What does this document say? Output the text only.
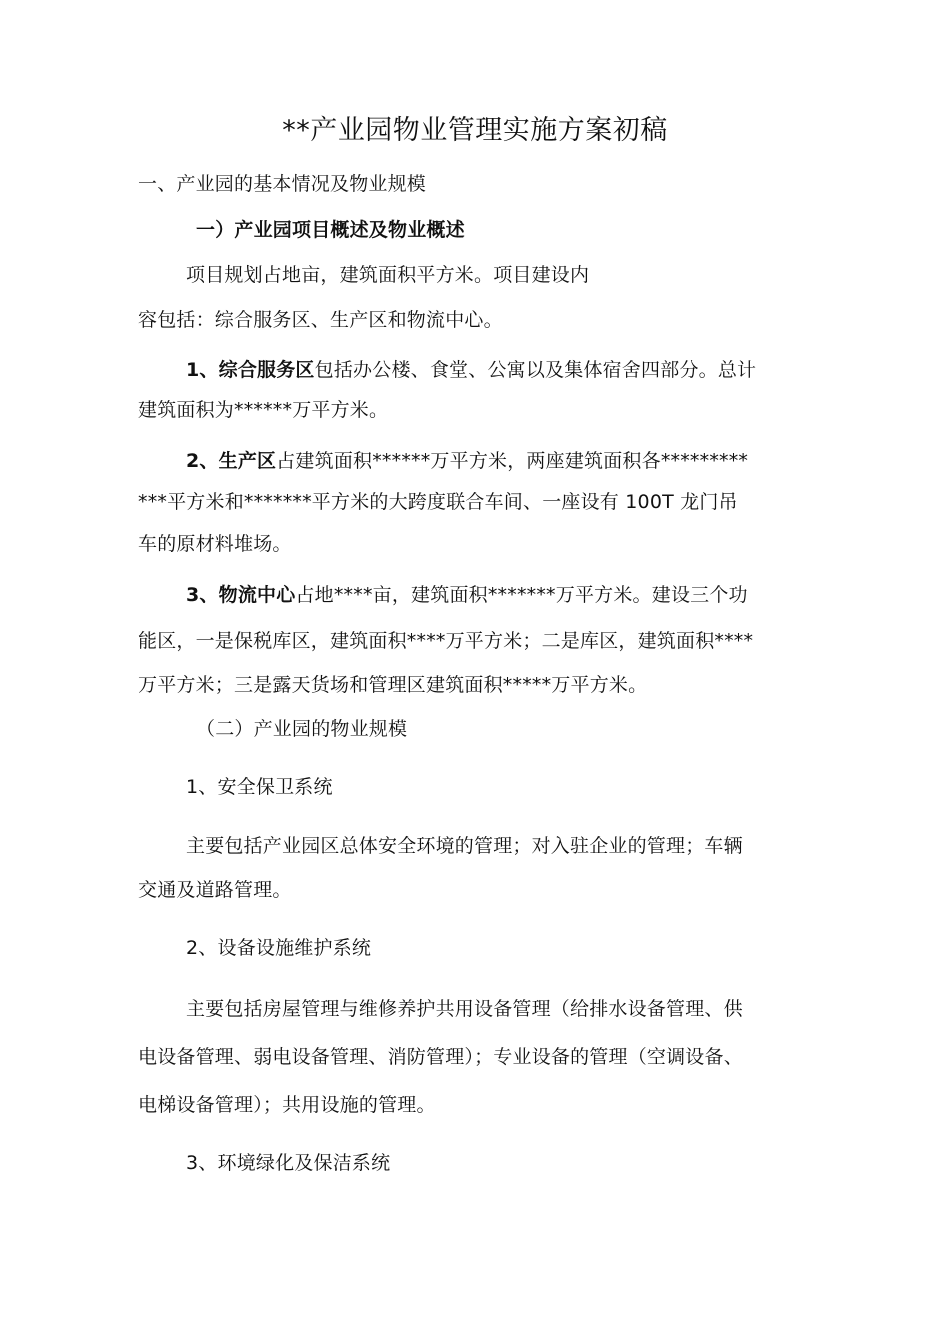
**产业园物业管理实施方案初稿
一、产业园的基本情况及物业规模
一）产业园项目概述及物业概述
项目规划占地亩，建筑面积平方米。项目建设内
容包括：综合服务区、生产区和物流中心。
1、综合服务区包括办公楼、食堂、公寓以及集体宿舍四部分。总计
建筑面积为******万平方米。
2、生产区占建筑面积******万平方米，两座建筑面积各*********
***平方米和*******平方米的大跨度联合车间、一座设有 100T 龙门吊
车的原材料堆场。
3、物流中心占地****亩，建筑面积*******万平方米。建设三个功
能区，一是保税库区，建筑面积****万平方米；二是库区，建筑面积****
万平方米；三是露天货场和管理区建筑面积*****万平方米。
（二）产业园的物业规模
1、安全保卫系统
主要包括产业园区总体安全环境的管理；对入驻企业的管理；车辆
交通及道路管理。
2、设备设施维护系统
主要包括房屋管理与维修养护共用设备管理（给排水设备管理、供
电设备管理、弱电设备管理、消防管理）；专业设备的管理（空调设备、
电梯设备管理）；共用设施的管理。
3、环境绿化及保洁系统
